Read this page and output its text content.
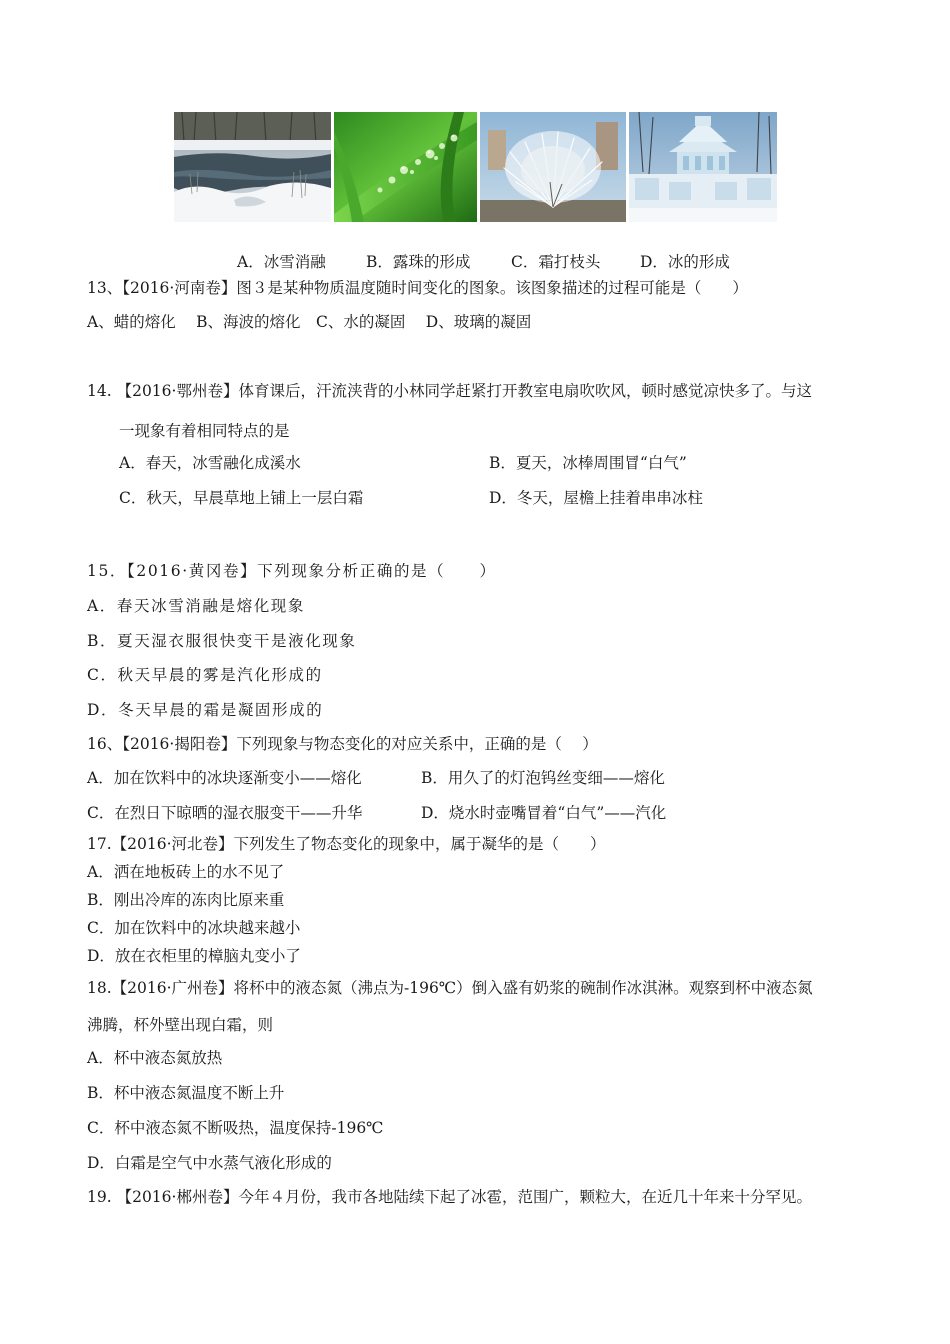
A．冰雪消融	B．露珠的形成	C．霜打枝头	D．冰的形成
13、【2016·河南卷】图３是某种物质温度随时间变化的图象。该图象描述的过程可能是（　　）
A、蜡的熔化　 B、海波的熔化　C、水的凝固　 D、玻璃的凝固
14. 【2016·鄂州卷】体育课后，汗流浃背的小林同学赶紧打开教室电扇吹吹风，顿时感觉凉快多了。与这
一现象有着相同特点的是
A．春天，冰雪融化成溪水	B．夏天，冰棒周围冒“白气”
C．秋天，早晨草地上铺上一层白霜	D．冬天，屋檐上挂着串串冰柱
15．【2016·黄冈卷】下列现象分析正确的是（　　）
A．春天冰雪消融是熔化现象
B．夏天湿衣服很快变干是液化现象
C．秋天早晨的雾是汽化形成的
D．冬天早晨的霜是凝固形成的
16、【2016·揭阳卷】下列现象与物态变化的对应关系中，正确的是（　 ）
A．加在饮料中的冰块逐渐变小——熔化	B．用久了的灯泡钨丝变细——熔化
C．在烈日下晾晒的湿衣服变干——升华	D．烧水时壶嘴冒着“白气”——汽化
17.【2016·河北卷】下列发生了物态变化的现象中，属于凝华的是（　　）
A．洒在地板砖上的水不见了
B．刚出冷库的冻肉比原来重
C．加在饮料中的冰块越来越小
D．放在衣柜里的樟脑丸变小了
18.【2016·广州卷】将杯中的液态氮（沸点为-196℃）倒入盛有奶浆的碗制作冰淇淋。观察到杯中液态氮
沸腾，杯外壁出现白霜，则
A．杯中液态氮放热
B．杯中液态氮温度不断上升
C．杯中液态氮不断吸热，温度保持-196℃
D．白霜是空气中水蒸气液化形成的
19. 【2016·郴州卷】今年４月份，我市各地陆续下起了冰雹，范围广，颗粒大，在近几十年来十分罕见。
